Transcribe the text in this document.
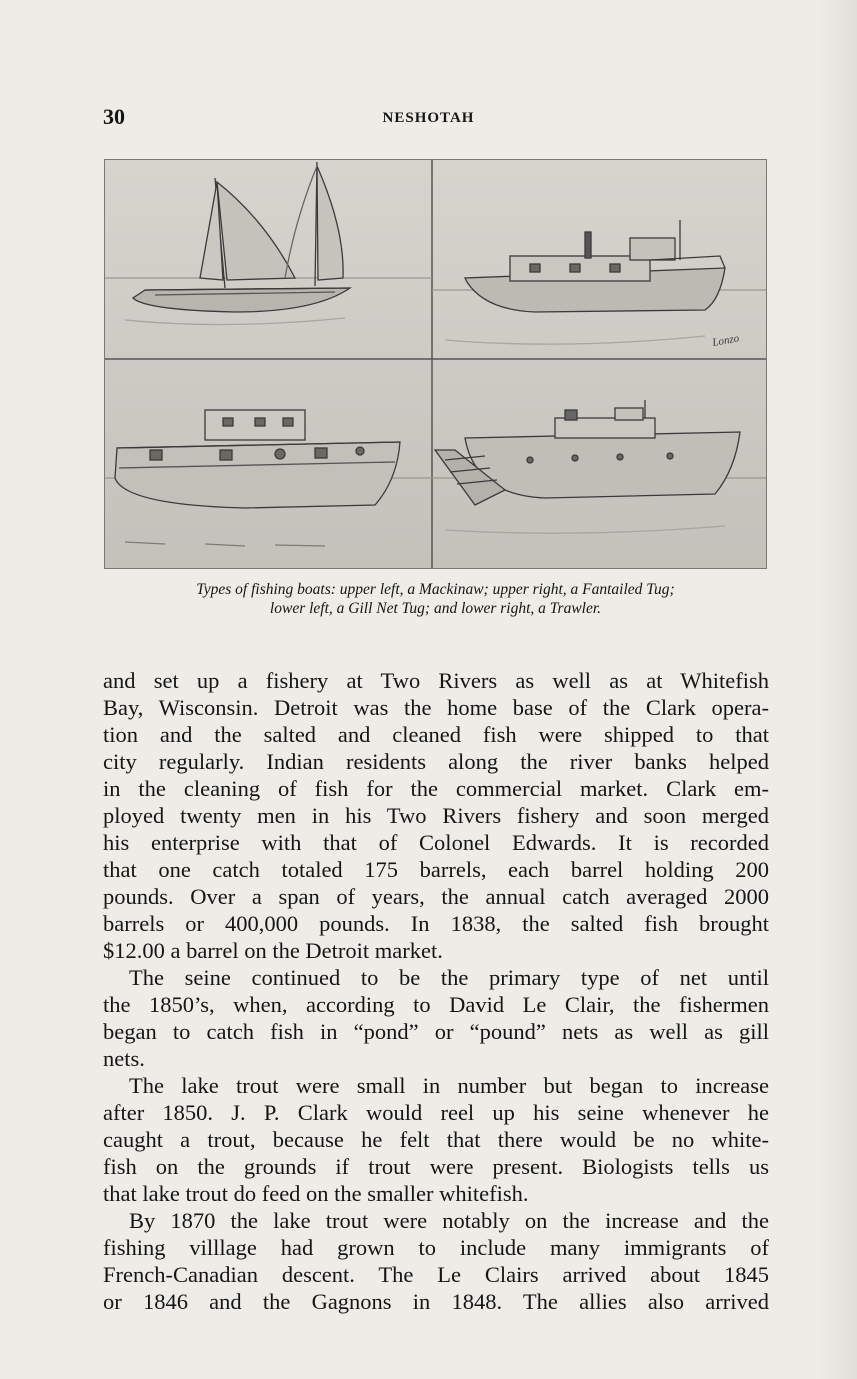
30	NESHOTAH
Lonzo
Types of fishing boats: upper left, a Mackinaw; upper right, a Fantailed Tug;
lower left, a Gill Net Tug; and lower right, a Trawler.
and set up a fishery at Two Rivers as well as at Whitefish
Bay, Wisconsin. Detroit was the home base of the Clark opera-
tion and the salted and cleaned fish were shipped to that
city regularly. Indian residents along the river banks helped
in the cleaning of fish for the commercial market. Clark em-
ployed twenty men in his Two Rivers fishery and soon merged
his enterprise with that of Colonel Edwards. It is recorded
that one catch totaled 175 barrels, each barrel holding 200
pounds. Over a span of years, the annual catch averaged 2000
barrels or 400,000 pounds. In 1838, the salted fish brought
$12.00 a barrel on the Detroit market.
The seine continued to be the primary type of net until
the 1850’s, when, according to David Le Clair, the fishermen
began to catch fish in “pond” or “pound” nets as well as gill
nets.
The lake trout were small in number but began to increase
after 1850. J. P. Clark would reel up his seine whenever he
caught a trout, because he felt that there would be no white-
fish on the grounds if trout were present. Biologists tells us
that lake trout do feed on the smaller whitefish.
By 1870 the lake trout were notably on the increase and the
fishing villlage had grown to include many immigrants of
French-Canadian descent. The Le Clairs arrived about 1845
or 1846 and the Gagnons in 1848. The allies also arrived
